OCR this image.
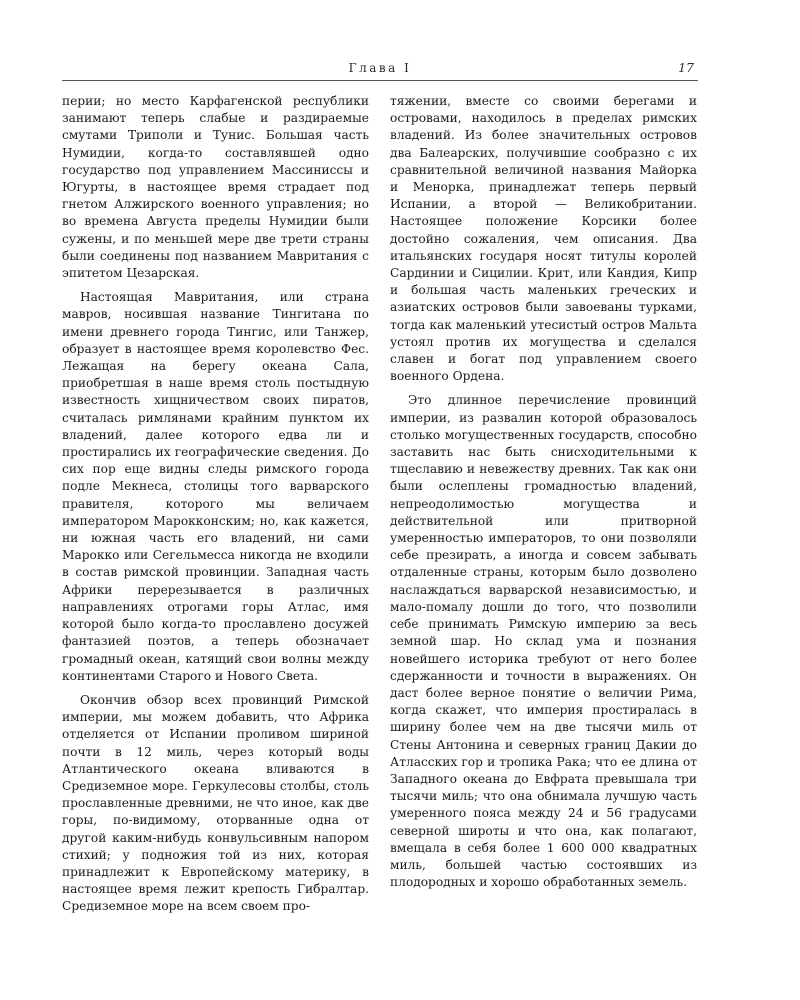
Глава I	17

перии; но место Карфагенской республики занимают теперь слабые и раздираемые смутами Триполи и Тунис. Большая часть Нумидии, когда-то составлявшей одно государство под управлением Массиниссы и Югурты, в настоящее время страдает под гнетом Алжирского военного управления; но во времена Августа пределы Нумидии были сужены, и по меньшей мере две трети страны были соединены под названием Мавритания с эпитетом Цезарская.

Настоящая Мавритания, или страна мавров, носившая название Тингитана по имени древнего города Тингис, или Танжер, образует в настоящее время королевство Фес. Лежащая на берегу океана Сала, приобретшая в наше время столь постыдную известность хищничеством своих пиратов, считалась римлянами крайним пунктом их владений, далее которого едва ли и простирались их географические сведения. До сих пор еще видны следы римского города подле Мекнеса, столицы того варварского правителя, которого мы величаем императором Марокконским; но, как кажется, ни южная часть его владений, ни сами Марокко или Сегельмесса никогда не входили в состав римской провинции. Западная часть Африки перерезывается в различных направлениях отрогами горы Атлас, имя которой было когда-то прославлено досужей фантазией поэтов, а теперь обозначает громадный океан, катящий свои волны между континентами Старого и Нового Света.

Окончив обзор всех провинций Римской империи, мы можем добавить, что Африка отделяется от Испании проливом шириной почти в 12 миль, через который воды Атлантического океана вливаются в Средиземное море. Геркулесовы столбы, столь прославленные древними, не что иное, как две горы, по-видимому, оторванные одна от другой каким-нибудь конвульсивным напором стихий; у подножия той из них, которая принадлежит к Европейскому материку, в настоящее время лежит крепость Гибралтар. Средиземное море на всем своем про-

тяжении, вместе со своими берегами и островами, находилось в пределах римских владений. Из более значительных островов два Балеарских, получившие сообразно с их сравнительной величиной названия Майорка и Менорка, принадлежат теперь первый Испании, а второй — Великобритании. Настоящее положение Корсики более достойно сожаления, чем описания. Два итальянских государя носят титулы королей Сардинии и Сицилии. Крит, или Кандия, Кипр и большая часть маленьких греческих и азиатских островов были завоеваны турками, тогда как маленький утесистый остров Мальта устоял против их могущества и сделался славен и богат под управлением своего военного Ордена.

Это длинное перечисление провинций империи, из развалин которой образовалось столько могущественных государств, способно заставить нас быть снисходительными к тщеславию и невежеству древних. Так как они были ослеплены громадностью владений, непреодолимостью могущества и действительной или притворной умеренностью императоров, то они позволяли себе презирать, а иногда и совсем забывать отдаленные страны, которым было дозволено наслаждаться варварской независимостью, и мало-помалу дошли до того, что позволили себе принимать Римскую империю за весь земной шар. Но склад ума и познания новейшего историка требуют от него более сдержанности и точности в выражениях. Он даст более верное понятие о величии Рима, когда скажет, что империя простиралась в ширину более чем на две тысячи миль от Стены Антонина и северных границ Дакии до Атласских гор и тропика Рака; что ее длина от Западного океана до Евфрата превышала три тысячи миль; что она обнимала лучшую часть умеренного пояса между 24 и 56 градусами северной широты и что она, как полагают, вмещала в себя более 1 600 000 квадратных миль, большей частью состоявших из плодородных и хорошо обработанных земель.
